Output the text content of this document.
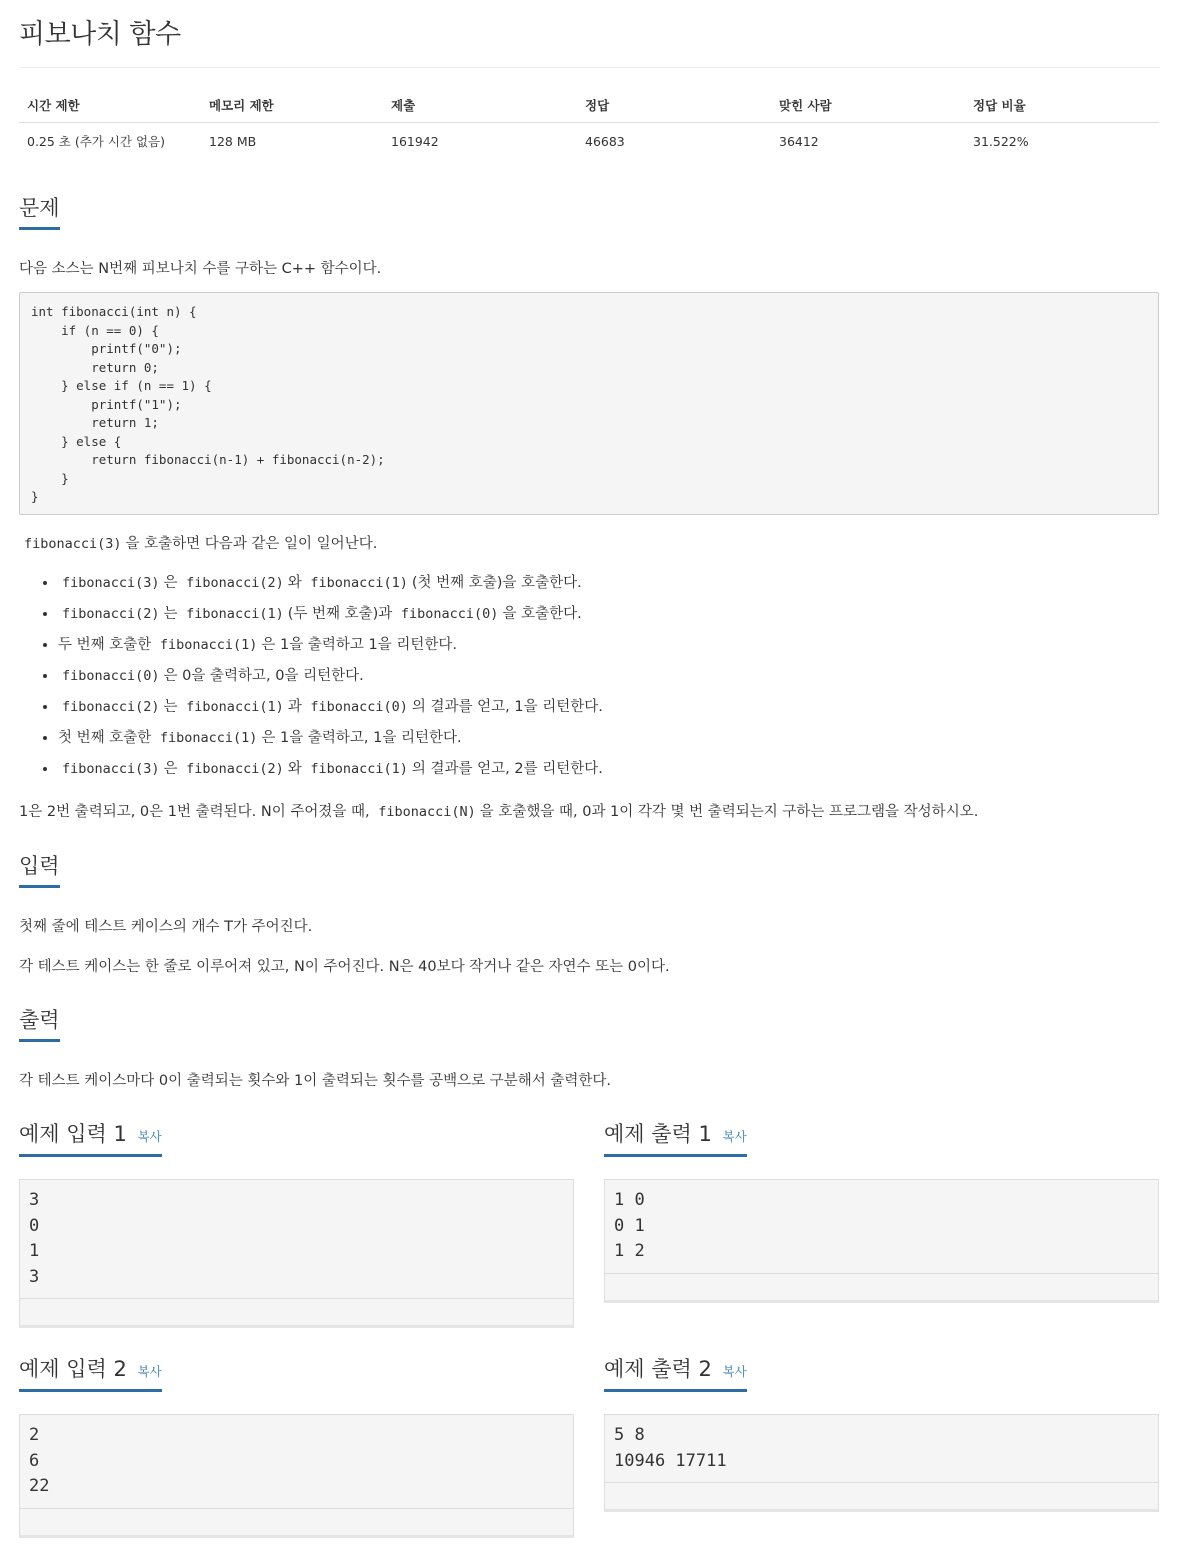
피보나치 함수
시간 제한	메모리 제한	제출	정답	맞힌 사람	정답 비율
0.25 초 (추가 시간 없음)	128 MB	161942	46683	36412	31.522%
문제
다음 소스는 N번째 피보나치 수를 구하는 C++ 함수이다.
int fibonacci(int n) {
if (n == 0) {
printf("0");
return 0;
} else if (n == 1) {
printf("1");
return 1;
} else {
return fibonacci(n-1) + fibonacci(n-2);
}
}
fibonacci(3) 을 호출하면 다음과 같은 일이 일어난다.
• fibonacci(3) 은 fibonacci(2) 와 fibonacci(1) (첫 번째 호출)을 호출한다.
• fibonacci(2) 는 fibonacci(1) (두 번째 호출)과 fibonacci(0) 을 호출한다.
• 두 번째 호출한 fibonacci(1) 은 1을 출력하고 1을 리턴한다.
• fibonacci(0) 은 0을 출력하고, 0을 리턴한다.
• fibonacci(2) 는 fibonacci(1) 과 fibonacci(0) 의 결과를 얻고, 1을 리턴한다.
• 첫 번째 호출한 fibonacci(1) 은 1을 출력하고, 1을 리턴한다.
• fibonacci(3) 은 fibonacci(2) 와 fibonacci(1) 의 결과를 얻고, 2를 리턴한다.
1은 2번 출력되고, 0은 1번 출력된다. N이 주어졌을 때, fibonacci(N) 을 호출했을 때, 0과 1이 각각 몇 번 출력되는지 구하는 프로그램을 작성하시오.
입력
첫째 줄에 테스트 케이스의 개수 T가 주어진다.
각 테스트 케이스는 한 줄로 이루어져 있고, N이 주어진다. N은 40보다 작거나 같은 자연수 또는 0이다.
출력
각 테스트 케이스마다 0이 출력되는 횟수와 1이 출력되는 횟수를 공백으로 구분해서 출력한다.
예제 입력 1 복사
3
0
1
3
예제 출력 1 복사
1 0
0 1
1 2
예제 입력 2 복사
2
6
22
예제 출력 2 복사
5 8
10946 17711
